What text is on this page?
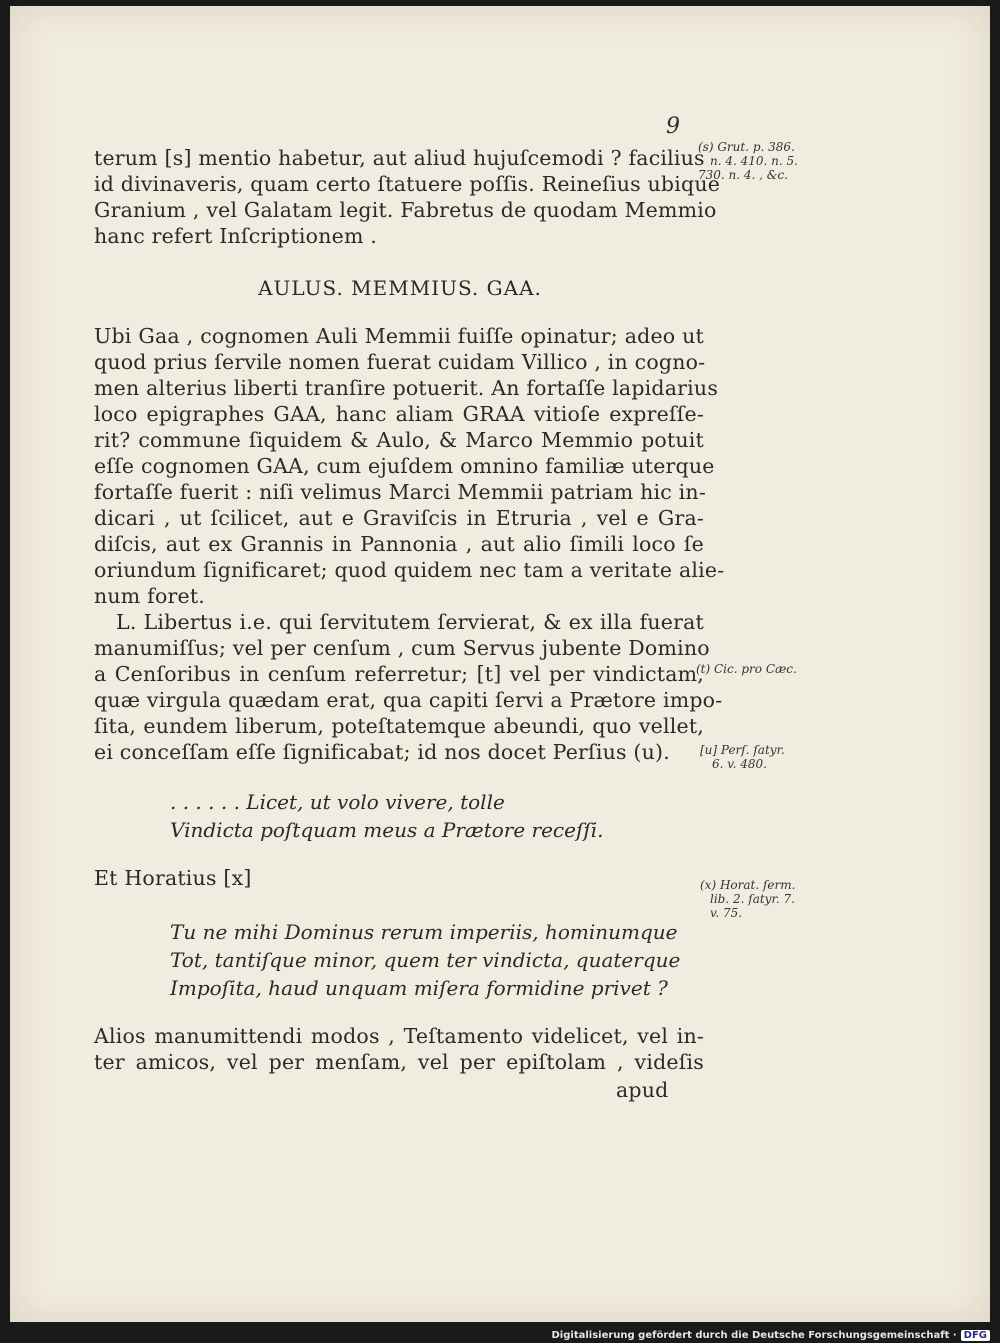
9
terum [s] mentio habetur, aut aliud hujuſcemodi ? facilius
id divinaveris, quam certo ſtatuere poſſis. Reineſius ubique
Granium , vel Galatam legit. Fabretus de quodam Memmio
hanc refert Inſcriptionem .
AULUS. MEMMIUS. GAA.
Ubi Gaa , cognomen Auli Memmii fuiſſe opinatur; adeo ut
quod prius ſervile nomen fuerat cuidam Villico , in cogno-
men alterius liberti tranſire potuerit. An fortaſſe lapidarius
loco epigraphes GAA, hanc aliam GRAA vitioſe expreſſe-
rit? commune ſiquidem & Aulo, & Marco Memmio potuit
eſſe cognomen GAA, cum ejuſdem omnino familiæ uterque
fortaſſe fuerit : niſi velimus Marci Memmii patriam hic in-
dicari , ut ſcilicet, aut e Graviſcis in Etruria , vel e Gra-
diſcis, aut ex Grannis in Pannonia , aut alio ſimili loco ſe
oriundum ſignificaret; quod quidem nec tam a veritate alie-
num foret.
L. Libertus i.e. qui ſervitutem ſervierat, & ex illa fuerat
manumiſſus; vel per cenſum , cum Servus jubente Domino
a Cenſoribus in cenſum referretur; [t] vel per vindictam,
quæ virgula quædam erat, qua capiti ſervi a Prætore impo-
ſita, eundem liberum, poteſtatemque abeundi, quo vellet,
ei conceſſam eſſe ſignificabat; id nos docet Perſius (u).
. . . . . . Licet, ut volo vivere, tolle
Vindicta poſtquam meus a Prætore receſſi.
Et Horatius [x]
Tu ne mihi Dominus rerum imperiis, hominumque
Tot, tantiſque minor, quem ter vindicta, quaterque
Impoſita, haud unquam miſera formidine privet ?
Alios manumittendi modos , Teſtamento videlicet, vel in-
ter amicos, vel per menſam, vel per epiſtolam , videſis
apud
(s) Grut. p. 386.
n. 4. 410. n. 5.
730. n. 4. , &c.
(t) Cic. pro Cæc.
[u] Perſ. ſatyr.
6. v. 480.
(x) Horat. ſerm.
lib. 2. ſatyr. 7.
v. 75.
Digitalisierung gefördert durch die Deutsche Forschungsgemeinschaft · DFG
